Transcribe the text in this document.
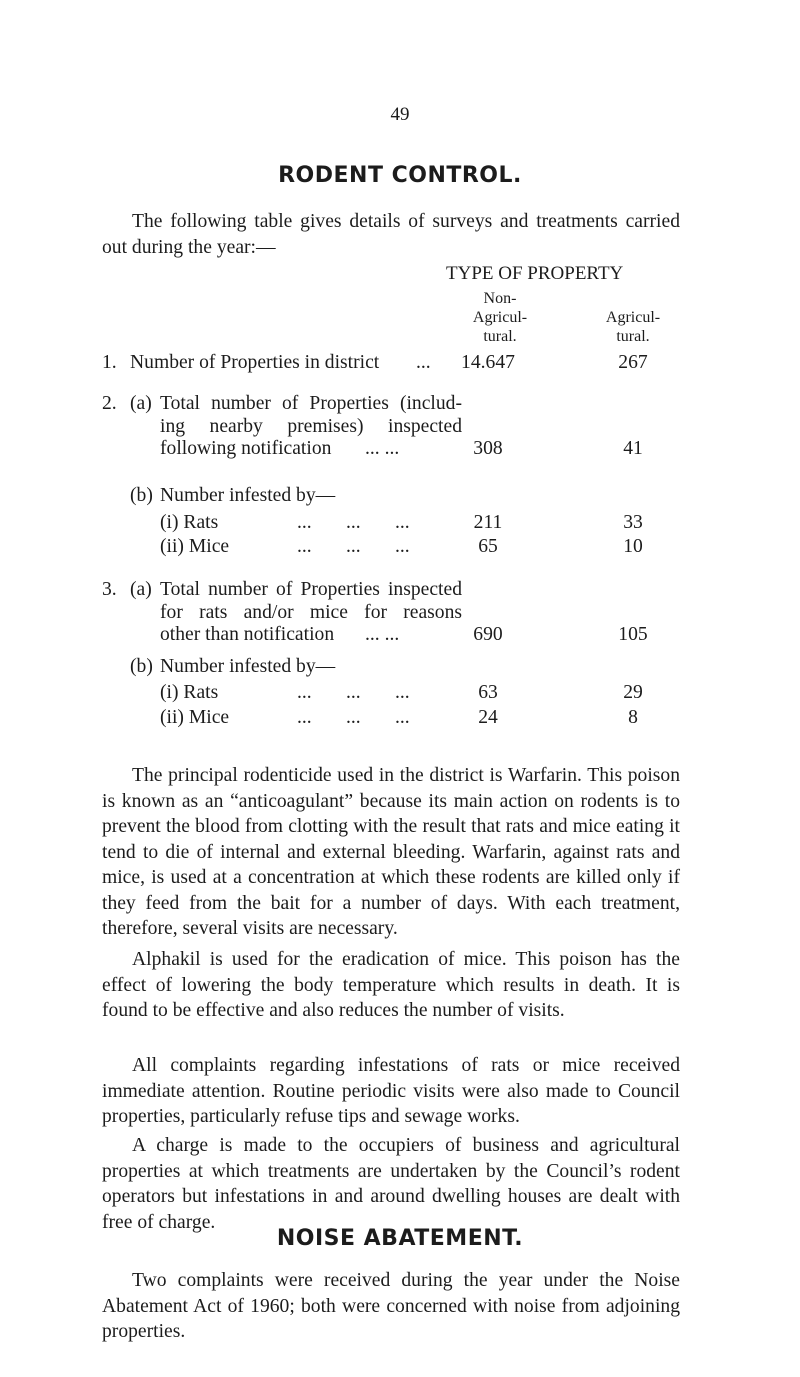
49
RODENT CONTROL.
The following table gives details of surveys and treatments carried out during the year:—
TYPE OF PROPERTY
Non-
Agricul-
tural.
Agricul-
tural.
1. Number of Properties in district ...	14.647	267
2. (a) Total number of Properties (includ-
ing nearby premises) inspected
following notification	... ...	308	41
(b) Number infested by—
(i) Rats	...       ...       ...	211	33
(ii) Mice	...       ...       ...	65	10
3. (a) Total number of Properties inspected
for rats and/or mice for reasons
other than notification	... ...	690	105
(b) Number infested by—
(i) Rats	...       ...       ...	63	29
(ii) Mice	...       ...       ...	24	8
The principal rodenticide used in the district is Warfarin. This poison is known as an “anticoagulant” because its main action on rodents is to prevent the blood from clotting with the result that rats and mice eating it tend to die of internal and external bleeding. Warfarin, against rats and mice, is used at a concentration at which these rodents are killed only if they feed from the bait for a number of days. With each treatment, therefore, several visits are necessary.
Alphakil is used for the eradication of mice. This poison has the effect of lowering the body temperature which results in death. It is found to be effective and also reduces the number of visits.
All complaints regarding infestations of rats or mice received immediate attention. Routine periodic visits were also made to Council properties, particularly refuse tips and sewage works.
A charge is made to the occupiers of business and agricultural properties at which treatments are undertaken by the Council’s rodent operators but infestations in and around dwelling houses are dealt with free of charge.
NOISE ABATEMENT.
Two complaints were received during the year under the Noise Abatement Act of 1960; both were concerned with noise from adjoining properties.
